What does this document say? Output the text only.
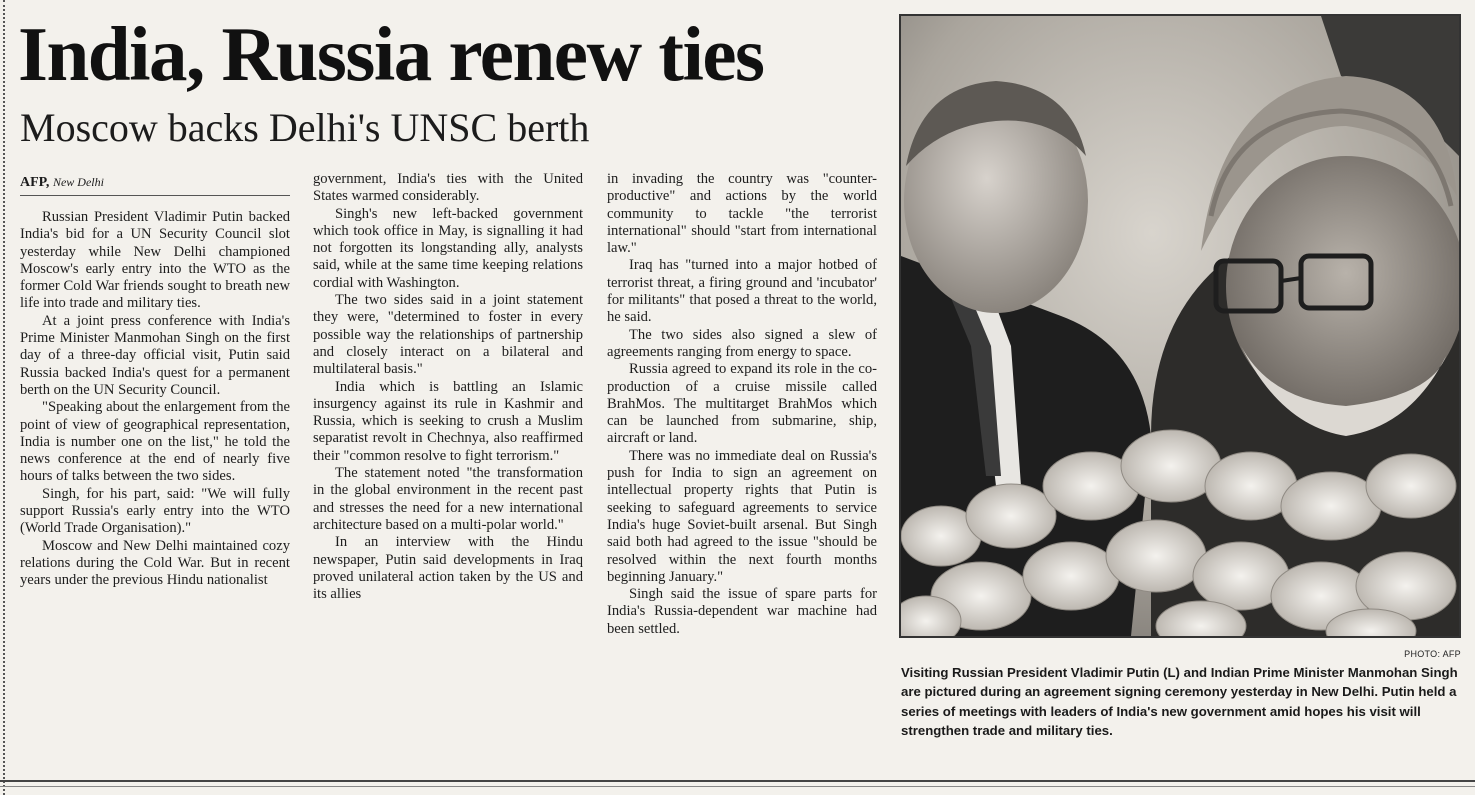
India, Russia renew ties
Moscow backs Delhi's UNSC berth
AFP, New Delhi

Russian President Vladimir Putin backed India's bid for a UN Security Council slot yesterday while New Delhi championed Moscow's early entry into the WTO as the former Cold War friends sought to breath new life into trade and military ties.

At a joint press conference with India's Prime Minister Manmohan Singh on the first day of a three-day official visit, Putin said Russia backed India's quest for a permanent berth on the UN Security Council.

"Speaking about the enlargement from the point of view of geographical representation, India is number one on the list," he told the news conference at the end of nearly five hours of talks between the two sides.

Singh, for his part, said: "We will fully support Russia's early entry into the WTO (World Trade Organisation)."

Moscow and New Delhi maintained cozy relations during the Cold War. But in recent years under the previous Hindu nationalist

government, India's ties with the United States warmed considerably.

Singh's new left-backed government which took office in May, is signalling it had not forgotten its longstanding ally, analysts said, while at the same time keeping relations cordial with Washington.

The two sides said in a joint statement they were, "determined to foster in every possible way the relationships of partnership and closely interact on a bilateral and multilateral basis."

India which is battling an Islamic insurgency against its rule in Kashmir and Russia, which is seeking to crush a Muslim separatist revolt in Chechnya, also reaffirmed their "common resolve to fight terrorism."

The statement noted "the transformation in the global environment in the recent past and stresses the need for a new international architecture based on a multi-polar world."

In an interview with the Hindu newspaper, Putin said developments in Iraq proved unilateral action taken by the US and its allies

in invading the country was "counter-productive" and actions by the world community to tackle "the terrorist international" should "start from international law."

Iraq has "turned into a major hotbed of terrorist threat, a firing ground and 'incubator' for militants" that posed a threat to the world, he said.

The two sides also signed a slew of agreements ranging from energy to space.

Russia agreed to expand its role in the co-production of a cruise missile called BrahMos. The multitarget BrahMos which can be launched from submarine, ship, aircraft or land.

There was no immediate deal on Russia's push for India to sign an agreement on intellectual property rights that Putin is seeking to safeguard agreements to service India's huge Soviet-built arsenal. But Singh said both had agreed to the issue "should be resolved within the next fourth months beginning January."

Singh said the issue of spare parts for India's Russia-dependent war machine had been settled.

PHOTO: AFP
Visiting Russian President Vladimir Putin (L) and Indian Prime Minister Manmohan Singh are pictured during an agreement signing ceremony yesterday in New Delhi. Putin held a series of meetings with leaders of India's new government amid hopes his visit will strengthen trade and military ties.
